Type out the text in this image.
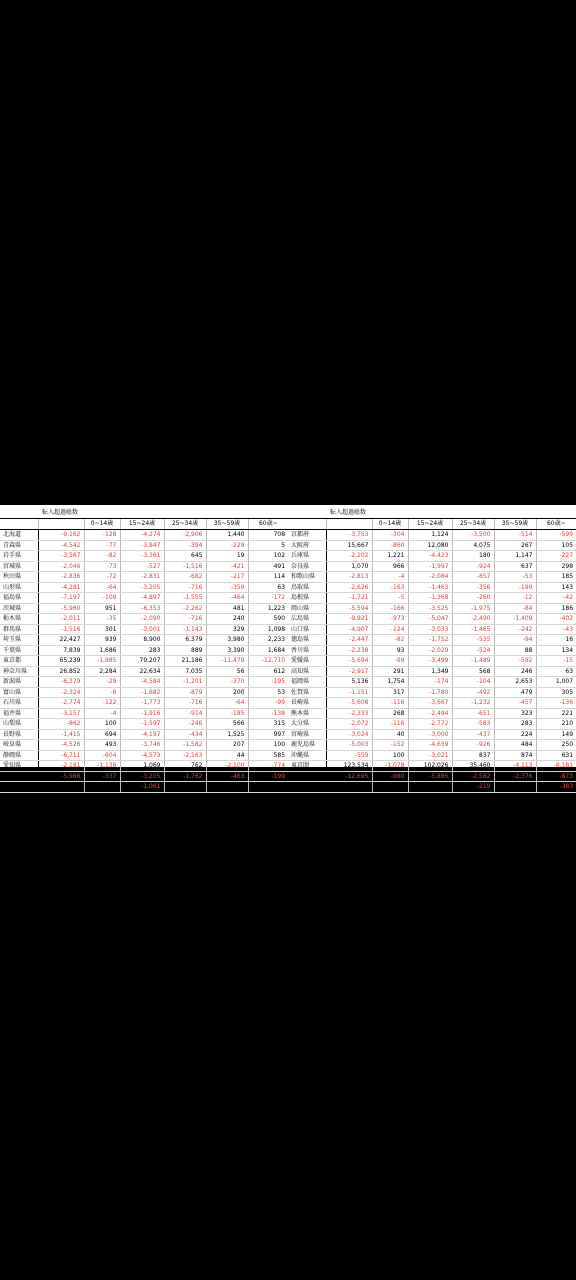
	転入超過総数					
		0~14歳	15~24歳	25~34歳	35~59歳	60歳~
北海道	-9,162	-128	-4,274	-2,906	1,440	708
青森県	-4,542	-77	-3,847	-394	-229	5
岩手県	-3,567	-82	-3,361	645	19	102
宮城県	-2,046	-73	-527	-1,516	-421	491
秋田県	-2,836	-72	-2,831	-682	-217	114
山形県	-4,281	-64	-3,205	-716	-359	63
福島県	-7,197	-109	-4,897	-1,555	-464	-172
茨城県	-5,960	951	-6,353	-2,262	481	1,223
栃木県	-2,011	-35	-2,090	-716	240	590
群馬県	-1,516	301	-3,001	-1,143	329	1,098
埼玉県	22,427	939	8,900	6,379	3,980	2,233
千葉県	7,839	1,686	283	889	3,390	1,684
東京都	65,239	-1,985	70,207	21,186	-11,479	-12,710
神奈川県	26,852	2,284	22,634	7,035	56	612
新潟県	-6,379	-29	-4,584	-1,201	-370	-195
富山県	-2,324	-6	-1,682	-879	200	53
石川県	-2,774	-122	-1,773	-716	-64	-99
福井県	-3,157	-4	-1,916	-914	-185	-138
山梨県	-862	100	-1,597	-246	566	315
長野県	-1,415	694	-4,197	-434	1,525	997
岐阜県	-4,526	493	-3,746	-1,582	207	100
静岡県	-6,711	-604	-4,573	-2,163	44	585
愛知県	-2,181	-1,136	1,069	762	-2,100	-774
三重県	-5,986	-337	-3,205	-1,762	-463	-199
滋賀県	353	350	-1,061	420	385	259
	転入超過総数					
		0~14歳	15~24歳	25~34歳	35~59歳	60歳~
京都府	-3,753	-304	1,124	-3,500	-514	-599
大阪府	15,667	-860	12,080	4,075	267	105
兵庫県	-2,102	1,221	-4,423	180	1,147	-227
奈良県	1,070	966	-1,997	-924	637	298
和歌山県	-2,813	-4	-2,084	-857	-53	185
鳥取県	-2,626	-163	-1,463	-356	-199	143
島根県	-1,721	-5	-1,368	-260	-12	-42
岡山県	-5,594	-166	-3,525	-1,975	-84	186
広島県	-9,921	-973	-5,047	-2,490	-1,409	-402
山口県	-4,907	-124	-3,033	-1,465	-242	-43
徳島県	-2,447	-82	-1,752	-535	-94	16
香川県	-2,238	93	-2,029	-524	88	134
愛媛県	-5,694	-99	-3,499	-1,489	-592	-15
高知県	-2,917	291	1,349	568	246	63
福岡県	5,136	1,754	-174	-104	2,653	1,007
佐賀県	-1,151	317	-1,780	-492	479	305
長崎県	-5,608	-116	-3,667	-1,232	-457	-136
熊本県	-2,333	268	-2,494	-651	323	221
大分県	-2,072	-116	-2,772	-583	283	210
宮崎県	-3,024	40	-3,000	-437	224	149
鹿児島県	-5,003	-152	-4,659	-926	484	250
沖縄県	-559	100	-3,021	837	874	631
東京圏	123,534	-1,078	102,026	35,460	-4,113	-8,181
大阪圏	-12,695	-980	-5,885	-2,582	-2,376	-873
名古屋圏	8,742	1,023	6,784	-219	1,537	-383
